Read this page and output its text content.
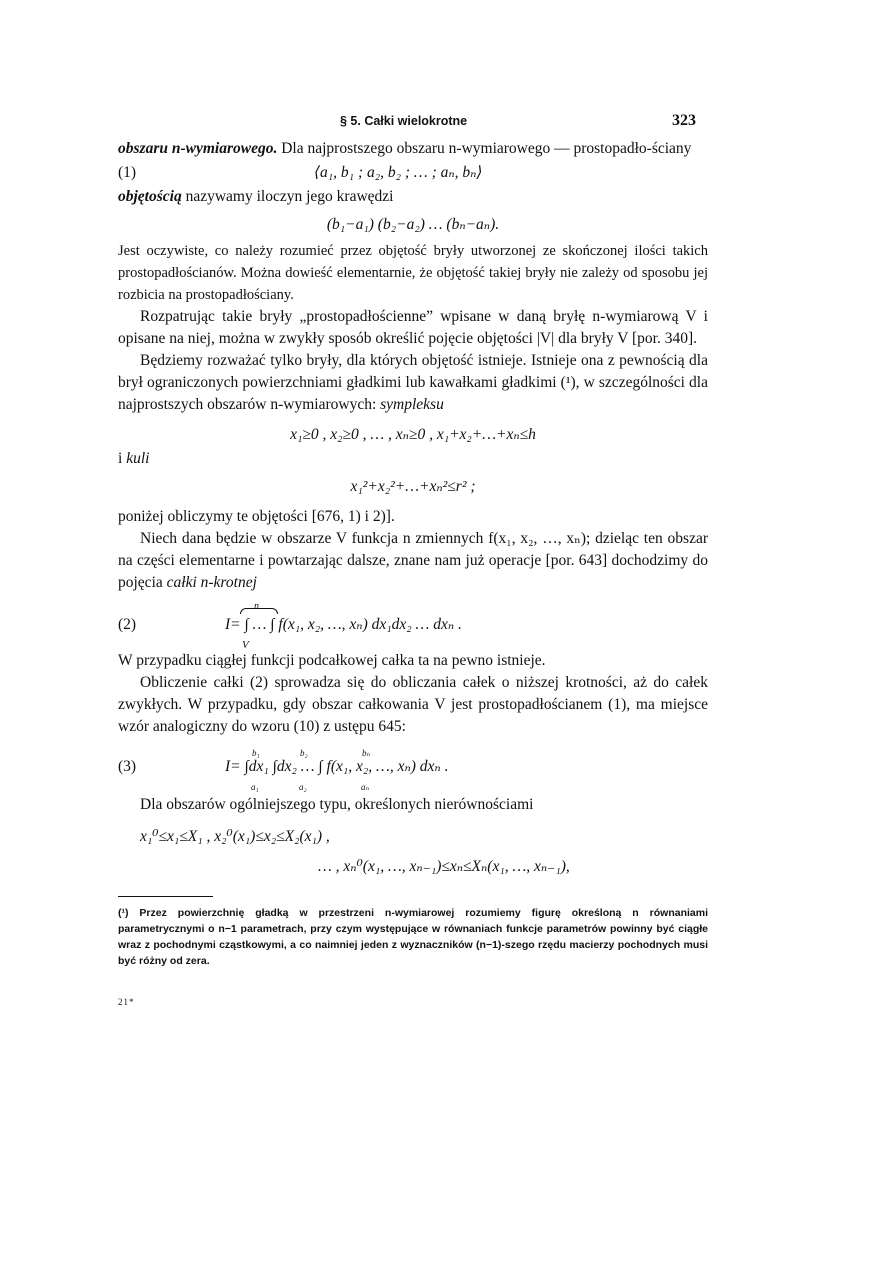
§ 5. Całki wielokrotne	323

obszaru n-wymiarowego. Dla najprostszego obszaru n-wymiarowego — prostopadło-ściany

(1)	⟨a₁, b₁ ; a₂, b₂ ; … ; aₙ, bₙ⟩

objętością nazywamy iloczyn jego krawędzi

(b₁−a₁) (b₂−a₂) … (bₙ−aₙ).

Jest oczywiste, co należy rozumieć przez objętość bryły utworzonej ze skończonej ilości takich prostopadłościanów. Można dowieść elementarnie, że objętość takiej bryły nie zależy od sposobu jej rozbicia na prostopadłościany.

Rozpatrując takie bryły „prostopadłościenne” wpisane w daną bryłę n-wymiarową V i opisane na niej, można w zwykły sposób określić pojęcie objętości |V| dla bryły V [por. 340].

Będziemy rozważać tylko bryły, dla których objętość istnieje. Istnieje ona z pewnością dla brył ograniczonych powierzchniami gładkimi lub kawałkami gładkimi (¹), w szczególności dla najprostszych obszarów n-wymiarowych: sympleksu

x₁≥0 , x₂≥0 , … , xₙ≥0 , x₁+x₂+…+xₙ≤h

i kuli

x₁²+x₂²+…+xₙ²≤r² ;

poniżej obliczymy te objętości [676, 1) i 2)].

Niech dana będzie w obszarze V funkcja n zmiennych f(x₁, x₂, …, xₙ); dzieląc ten obszar na części elementarne i powtarzając dalsze, znane nam już operacje [por. 643] dochodzimy do pojęcia całki n-krotnej

(2)
n
I= ∫ … ∫ f(x₁, x₂, …, xₙ) dx₁dx₂ … dxₙ .
V

W przypadku ciągłej funkcji podcałkowej całka ta na pewno istnieje.

Obliczenie całki (2) sprowadza się do obliczania całek o niższej krotności, aż do całek zwykłych. W przypadku, gdy obszar całkowania V jest prostopadłościanem (1), ma miejsce wzór analogiczny do wzoru (10) z ustępu 645:

(3)
b₁	b₂	bₙ
I= ∫dx₁ ∫dx₂ … ∫ f(x₁, x₂, …, xₙ) dxₙ .
a₁	a₂	aₙ

Dla obszarów ogólniejszego typu, określonych nierównościami

x₁⁰≤x₁≤X₁ , x₂⁰(x₁)≤x₂≤X₂(x₁) ,
… , xₙ⁰(x₁, …, xₙ₋₁)≤xₙ≤Xₙ(x₁, …, xₙ₋₁),

(¹) Przez powierzchnię gładką w przestrzeni n-wymiarowej rozumiemy figurę określoną n równaniami parametrycznymi o n−1 parametrach, przy czym występujące w równaniach funkcje parametrów powinny być ciągłe wraz z pochodnymi cząstkowymi, a co naimniej jeden z wyznaczników (n−1)-szego rzędu macierzy pochodnych musi być różny od zera.

21*
